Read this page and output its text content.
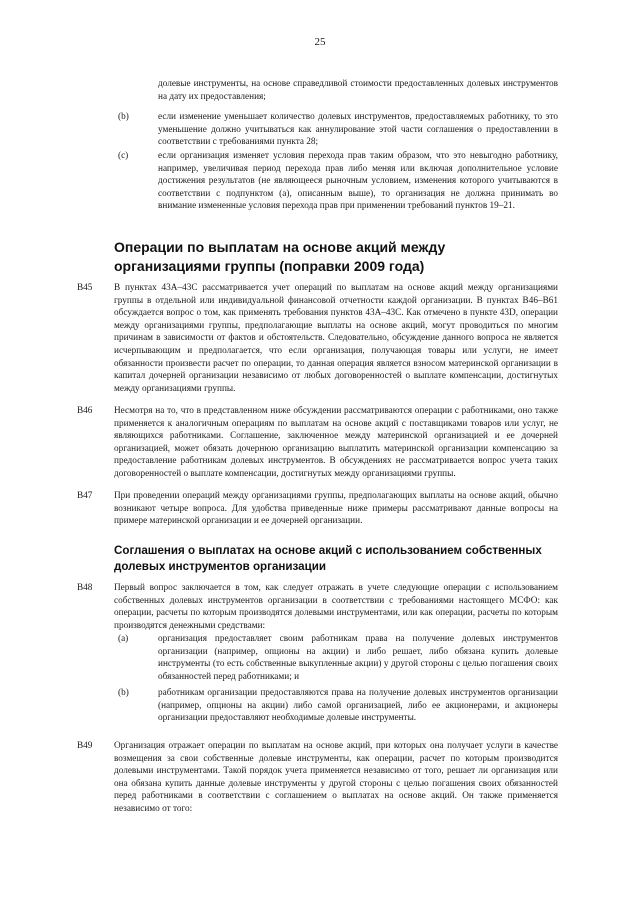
25
долевые инструменты, на основе справедливой стоимости предоставленных долевых инструментов на дату их предоставления;
(b)	если изменение уменьшает количество долевых инструментов, предоставляемых работнику, то это уменьшение должно учитываться как аннулирование этой части соглашения о предоставлении в соответствии с требованиями пункта 28;
(c)	если организация изменяет условия перехода прав таким образом, что это невыгодно работнику, например, увеличивая период перехода прав либо меняя или включая дополнительное условие достижения результатов (не являющееся рыночным условием, изменения которого учитываются в соответствии с подпунктом (а), описанным выше), то организация не должна принимать во внимание измененные условия перехода прав при применении требований пунктов 19–21.
Операции по выплатам на основе акций между организациями группы (поправки 2009 года)
B45 В пунктах 43А–43С рассматривается учет операций по выплатам на основе акций между организациями группы в отдельной или индивидуальной финансовой отчетности каждой организации. В пунктах В46–В61 обсуждается вопрос о том, как применять требования пунктов 43А–43С. Как отмечено в пункте 43D, операции между организациями группы, предполагающие выплаты на основе акций, могут проводиться по многим причинам в зависимости от фактов и обстоятельств. Следовательно, обсуждение данного вопроса не является исчерпывающим и предполагается, что если организация, получающая товары или услуги, не имеет обязанности произвести расчет по операции, то данная операция является взносом материнской организации в капитал дочерней организации независимо от любых договоренностей о выплате компенсации, достигнутых между организациями группы.
B46 Несмотря на то, что в представленном ниже обсуждении рассматриваются операции с работниками, оно также применяется к аналогичным операциям по выплатам на основе акций с поставщиками товаров или услуг, не являющихся работниками. Соглашение, заключенное между материнской организацией и ее дочерней организацией, может обязать дочернюю организацию выплатить материнской организации компенсацию за предоставление работникам долевых инструментов. В обсуждениях не рассматривается вопрос учета таких договоренностей о выплате компенсации, достигнутых между организациями группы.
B47 При проведении операций между организациями группы, предполагающих выплаты на основе акций, обычно возникают четыре вопроса. Для удобства приведенные ниже примеры рассматривают данные вопросы на примере материнской организации и ее дочерней организации.
Соглашения о выплатах на основе акций с использованием собственных долевых инструментов организации
B48 Первый вопрос заключается в том, как следует отражать в учете следующие операции с использованием собственных долевых инструментов организации в соответствии с требованиями настоящего МСФО: как операции, расчеты по которым производятся долевыми инструментами, или как операции, расчеты по которым производятся денежными средствами:
(a)	организация предоставляет своим работникам права на получение долевых инструментов организации (например, опционы на акции) и либо решает, либо обязана купить долевые инструменты (то есть собственные выкупленные акции) у другой стороны с целью погашения своих обязанностей перед работниками; и
(b)	работникам организации предоставляются права на получение долевых инструментов организации (например, опционы на акции) либо самой организацией, либо ее акционерами, и акционеры организации предоставляют необходимые долевые инструменты.
B49 Организация отражает операции по выплатам на основе акций, при которых она получает услуги в качестве возмещения за свои собственные долевые инструменты, как операции, расчет по которым производится долевыми инструментами. Такой порядок учета применяется независимо от того, решает ли организация или она обязана купить данные долевые инструменты у другой стороны с целью погашения своих обязанностей перед работниками в соответствии с соглашением о выплатах на основе акций. Он также применяется независимо от того:
